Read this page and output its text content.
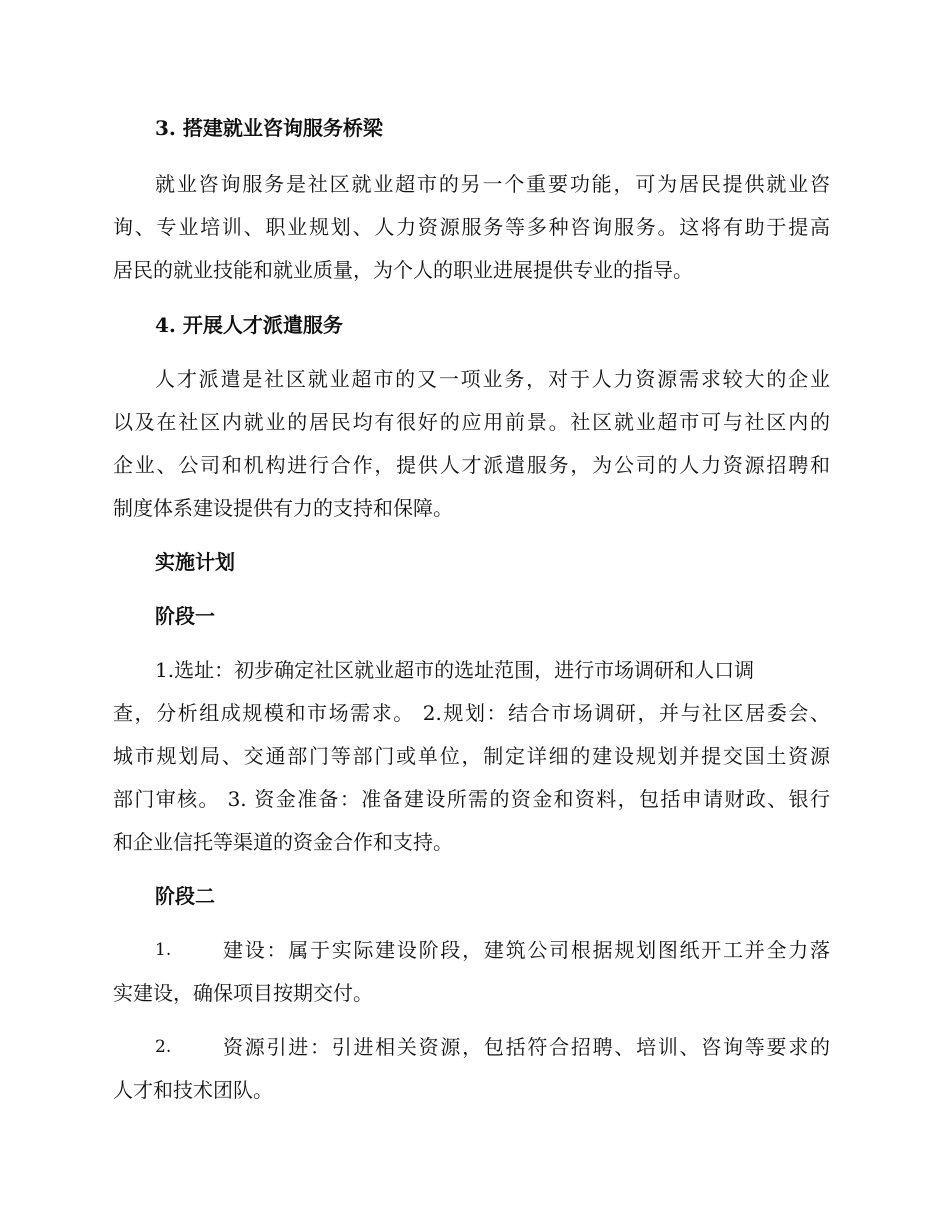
3. 搭建就业咨询服务桥梁
就业咨询服务是社区就业超市的另一个重要功能，可为居民提供就业咨
询、专业培训、职业规划、人力资源服务等多种咨询服务。这将有助于提高
居民的就业技能和就业质量，为个人的职业进展提供专业的指导。
4. 开展人才派遣服务
人才派遣是社区就业超市的又一项业务，对于人力资源需求较大的企业
以及在社区内就业的居民均有很好的应用前景。社区就业超市可与社区内的
企业、公司和机构进行合作，提供人才派遣服务，为公司的人力资源招聘和
制度体系建设提供有力的支持和保障。
实施计划
阶段一
1.选址：初步确定社区就业超市的选址范围，进行市场调研和人口调
查，分析组成规模和市场需求。 2.规划：结合市场调研，并与社区居委会、
城市规划局、交通部门等部门或单位，制定详细的建设规划并提交国土资源
部门审核。 3. 资金准备：准备建设所需的资金和资料，包括申请财政、银行
和企业信托等渠道的资金合作和支持。
阶段二
1.	建设：属于实际建设阶段，建筑公司根据规划图纸开工并全力落
实建设，确保项目按期交付。
2.	资源引进：引进相关资源，包括符合招聘、培训、咨询等要求的
人才和技术团队。
